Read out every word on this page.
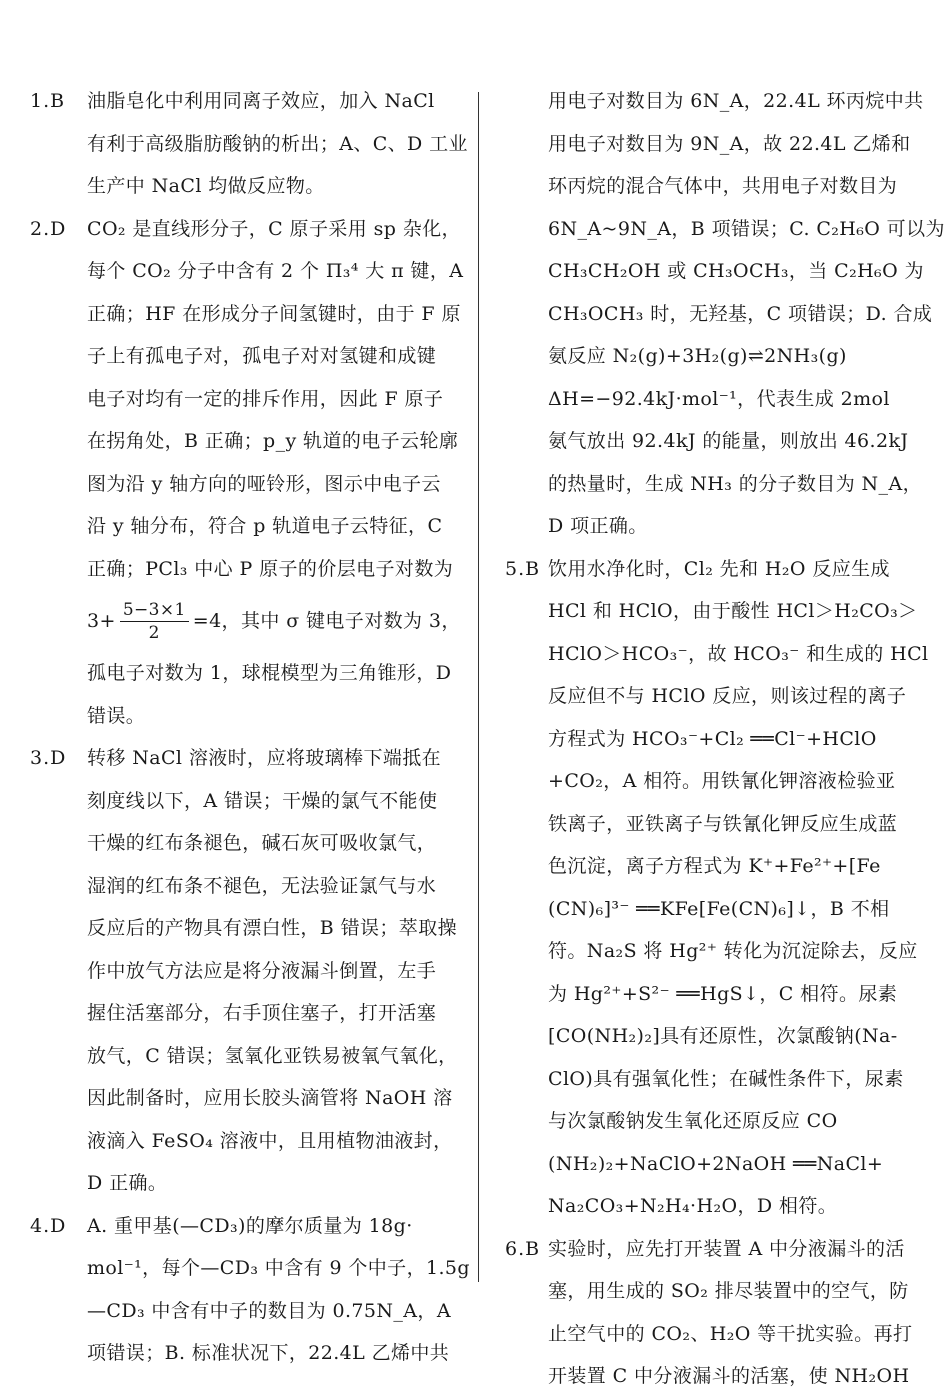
1.B 油脂皂化中利用同离子效应，加入 NaCl
有利于高级脂肪酸钠的析出；A、C、D 工业
生产中 NaCl 均做反应物。
2.D CO₂ 是直线形分子，C 原子采用 sp 杂化，
每个 CO₂ 分子中含有 2 个 Π₃⁴ 大 π 键，A
正确；HF 在形成分子间氢键时，由于 F 原
子上有孤电子对，孤电子对对氢键和成键
电子对均有一定的排斥作用，因此 F 原子
在拐角处，B 正确；p_y 轨道的电子云轮廓
图为沿 y 轴方向的哑铃形，图示中电子云
沿 y 轴分布，符合 p 轨道电子云特征，C
正确；PCl₃ 中心 P 原子的价层电子对数为
$3+ \frac{5-3\times 1}{2} =4$，其中 σ 键电子对数为 3，
孤电子对数为 1，球棍模型为三角锥形，D
错误。
3.D 转移 NaCl 溶液时，应将玻璃棒下端抵在
刻度线以下，A 错误；干燥的氯气不能使
干燥的红布条褪色，碱石灰可吸收氯气，
湿润的红布条不褪色，无法验证氯气与水
反应后的产物具有漂白性，B 错误；萃取操
作中放气方法应是将分液漏斗倒置，左手
握住活塞部分，右手顶住塞子，打开活塞
放气，C 错误；氢氧化亚铁易被氧气氧化，
因此制备时，应用长胶头滴管将 NaOH 溶
液滴入 FeSO₄ 溶液中，且用植物油液封，
D 正确。
4.D A. 重甲基(—CD₃)的摩尔质量为 18g·
mol⁻¹，每个—CD₃ 中含有 9 个中子，1.5g
—CD₃ 中含有中子的数目为 0.75N_A，A
项错误；B. 标准状况下，22.4L 乙烯中共
用电子对数目为 6N_A，22.4L 环丙烷中共
用电子对数目为 9N_A，故 22.4L 乙烯和
环丙烷的混合气体中，共用电子对数目为
6N_A~9N_A，B 项错误；C. C₂H₆O 可以为
CH₃CH₂OH 或 CH₃OCH₃，当 C₂H₆O 为
CH₃OCH₃ 时，无羟基，C 项错误；D. 合成
氨反应 N₂(g)+3H₂(g)⇌2NH₃(g)
ΔH=−92.4kJ·mol⁻¹，代表生成 2mol
氨气放出 92.4kJ 的能量，则放出 46.2kJ
的热量时，生成 NH₃ 的分子数目为 N_A，
D 项正确。
5.B 饮用水净化时，Cl₂ 先和 H₂O 反应生成
HCl 和 HClO，由于酸性 HCl＞H₂CO₃＞
HClO＞HCO₃⁻，故 HCO₃⁻ 和生成的 HCl
反应但不与 HClO 反应，则该过程的离子
方程式为 HCO₃⁻+Cl₂ ══Cl⁻+HClO
+CO₂，A 相符。用铁氰化钾溶液检验亚
铁离子，亚铁离子与铁氰化钾反应生成蓝
色沉淀，离子方程式为 K⁺+Fe²⁺+[Fe
(CN)₆]³⁻ ══KFe[Fe(CN)₆]↓，B 不相
符。Na₂S 将 Hg²⁺ 转化为沉淀除去，反应
为 Hg²⁺+S²⁻ ══HgS↓，C 相符。尿素
[CO(NH₂)₂]具有还原性，次氯酸钠(Na-
ClO)具有强氧化性；在碱性条件下，尿素
与次氯酸钠发生氧化还原反应 CO
(NH₂)₂+NaClO+2NaOH ══NaCl+
Na₂CO₃+N₂H₄·H₂O，D 相符。
6.B 实验时，应先打开装置 A 中分液漏斗的活
塞，用生成的 SO₂ 排尽装置中的空气，防
止空气中的 CO₂、H₂O 等干扰实验。再打
开装置 C 中分液漏斗的活塞，使 NH₂OH
